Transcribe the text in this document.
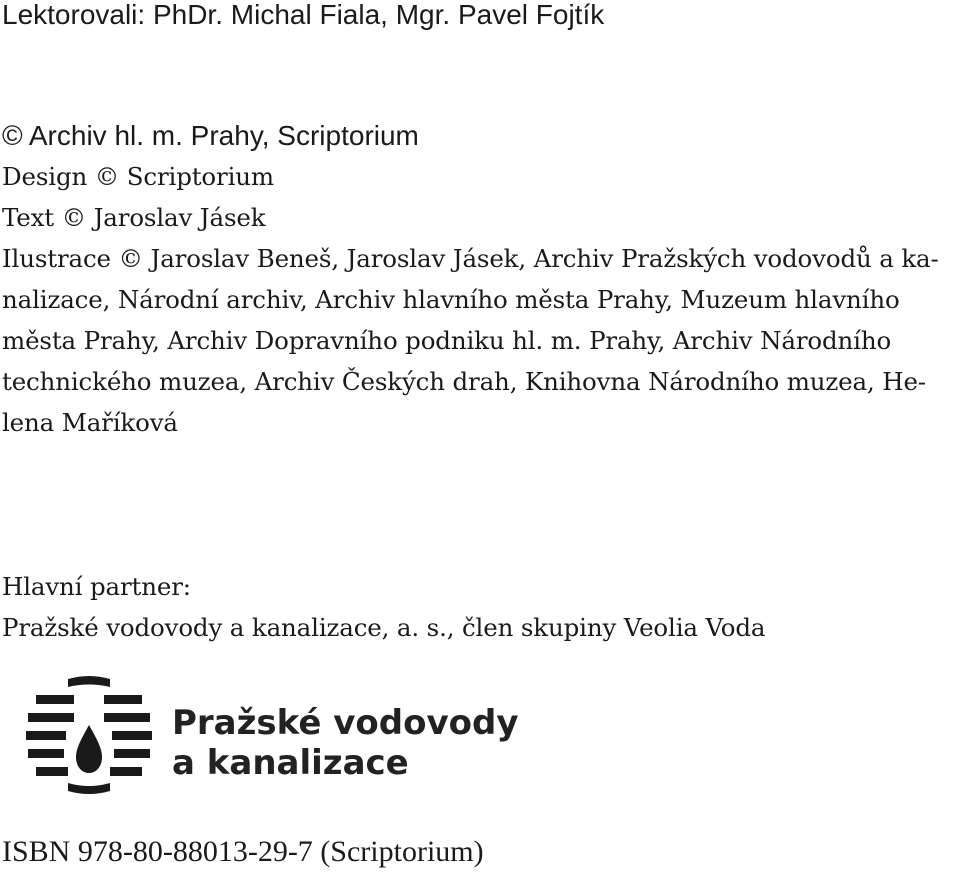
Lektorovali: PhDr. Michal Fiala, Mgr. Pavel Fojtík
© Archiv hl. m. Prahy, Scriptorium
Design © Scriptorium
Text © Jaroslav Jásek
Ilustrace © Jaroslav Beneš, Jaroslav Jásek, Archiv Pražských vodovodů a ka-
nalizace, Národní archiv, Archiv hlavního města Prahy, Muzeum hlavního
města Prahy, Archiv Dopravního podniku hl. m. Prahy, Archiv Národního
technického muzea, Archiv Českých drah, Knihovna Národního muzea, He-
lena Maříková
Hlavní partner:
Pražské vodovody a kanalizace, a. s., člen skupiny Veolia Voda
Pražské vodovody
a kanalizace
ISBN 978-80-88013-29-7 (Scriptorium)
